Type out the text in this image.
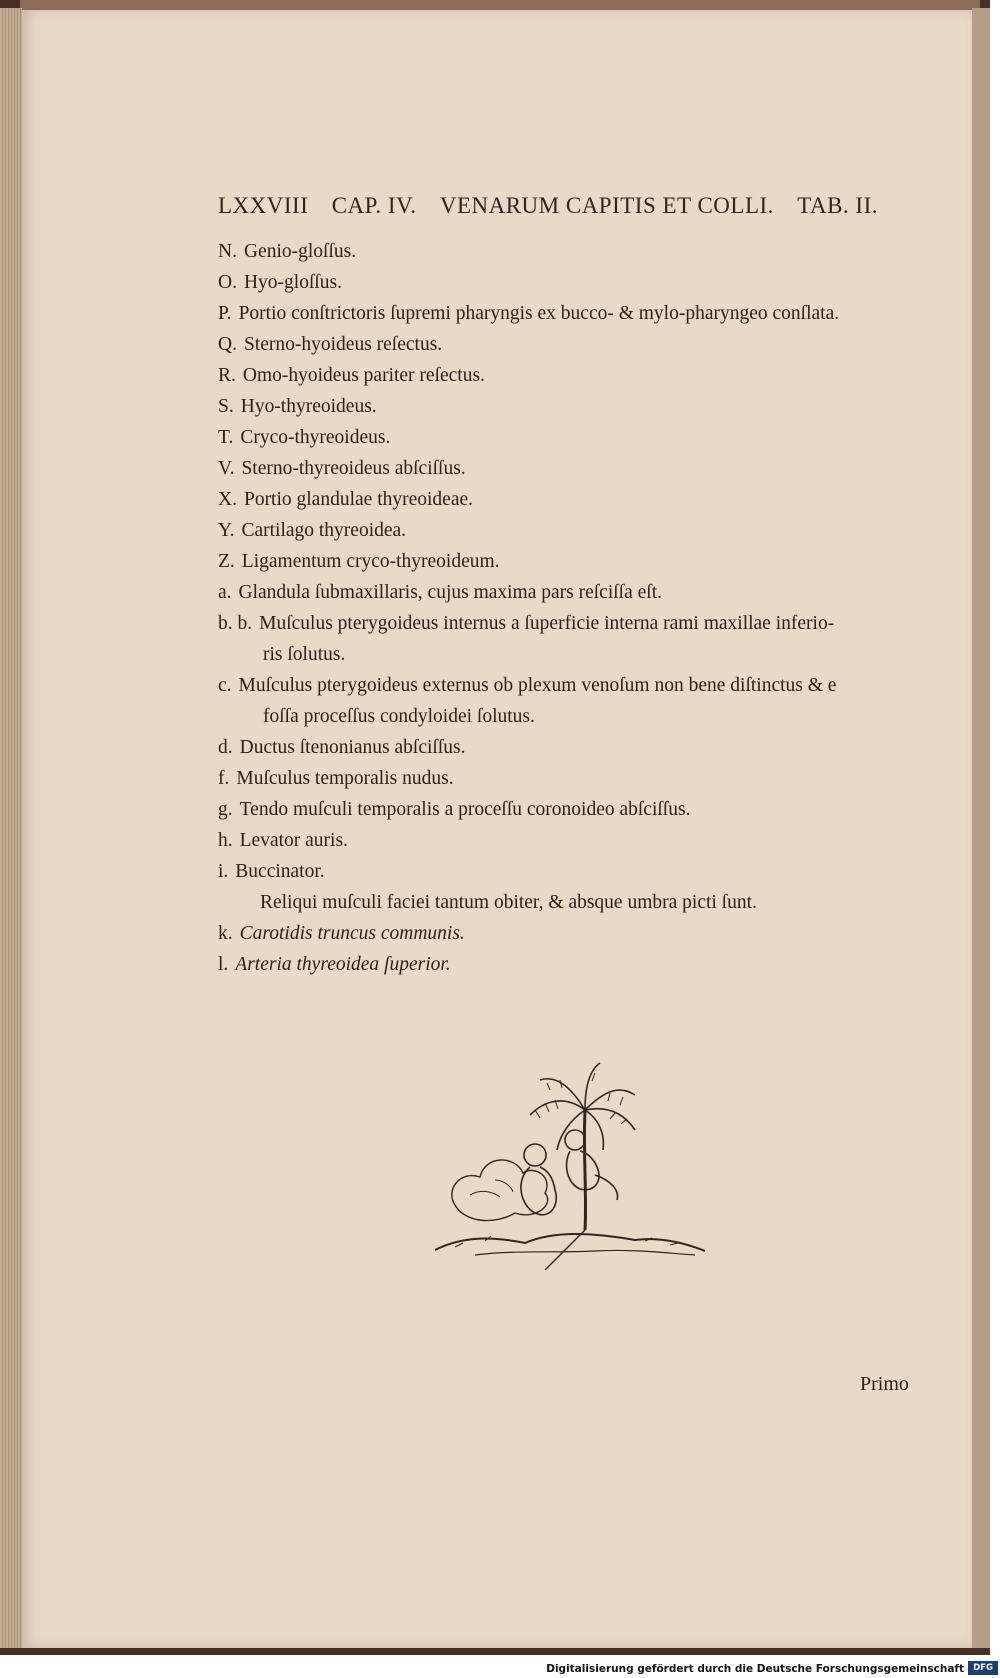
LXXVIII CAP. IV. VENARUM CAPITIS ET COLLI. TAB. II.
N. Genio-gloſſus.
O. Hyo-gloſſus.
P. Portio conſtrictoris ſupremi pharyngis ex bucco- & mylo-pharyngeo conſlata.
Q. Sterno-hyoideus reſectus.
R. Omo-hyoideus pariter reſectus.
S. Hyo-thyreoideus.
T. Cryco-thyreoideus.
V. Sterno-thyreoideus abſciſſus.
X. Portio glandulae thyreoideae.
Y. Cartilago thyreoidea.
Z. Ligamentum cryco-thyreoideum.
a. Glandula ſubmaxillaris, cujus maxima pars reſciſſa eſt.
b. b. Muſculus pterygoideus internus a ſuperficie interna rami maxillae inferio-
ris ſolutus.
c. Muſculus pterygoideus externus ob plexum venoſum non bene diſtinctus & e
foſſa proceſſus condyloidei ſolutus.
d. Ductus ſtenonianus abſciſſus.
f. Muſculus temporalis nudus.
g. Tendo muſculi temporalis a proceſſu coronoideo abſciſſus.
h. Levator auris.
i. Buccinator.
Reliqui muſculi faciei tantum obiter, & absque umbra picti ſunt.
k. Carotidis truncus communis.
l. Arteria thyreoidea ſuperior.
Primo
Digitalisierung gefördert durch die Deutsche Forschungsgemeinschaft	DFG
